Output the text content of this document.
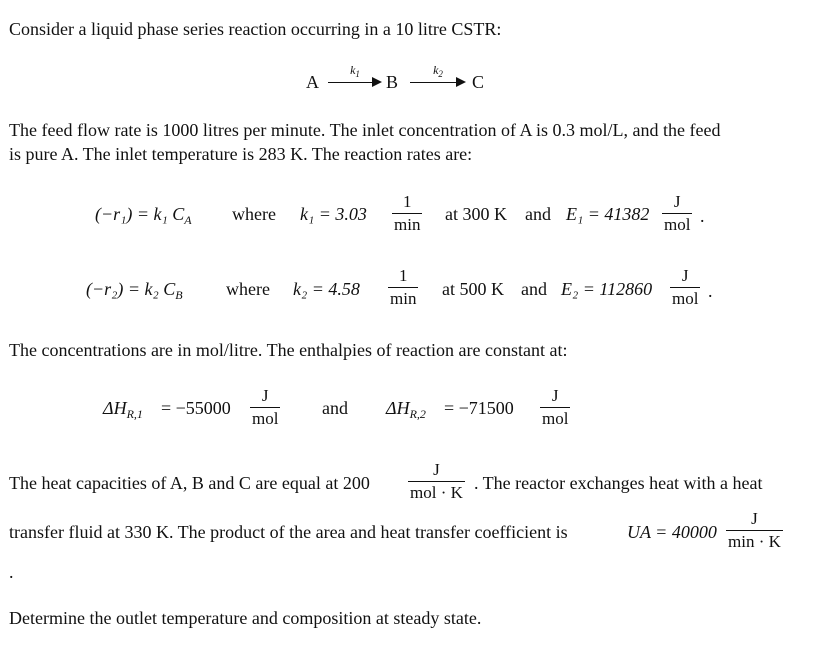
Consider a liquid phase series reaction occurring in a 10 litre CSTR:
A
$k_1$	B
$k_2$	C
The feed flow rate is 1000 litres per minute. The inlet concentration of A is 0.3 mol/L, and the feed
is pure A. The inlet temperature is 283 K. The reaction rates are:
(−r₁) = k₁ $C_A$ where k₁ = 3.03
1
min
at 300 K and E₁ = 41382
J
mol .
(−r₂) = k₂ $C_B$ where k₂ = 4.58
1
min at 500 K and E₂ = 112860
J
mol .
The concentrations are in mol/litre. The enthalpies of reaction are constant at:
$\Delta H_{R,1} = -55000$
J
mol
and $\Delta H_{R,2} = -71500$
J
mol
The heat capacities of A, B and C are equal at 200
J
mol · K . The reactor exchanges heat with a heat
transfer fluid at 330 K. The product of the area and heat transfer coefficient is	UA = 40000
J
min · K
.
Determine the outlet temperature and composition at steady state.
